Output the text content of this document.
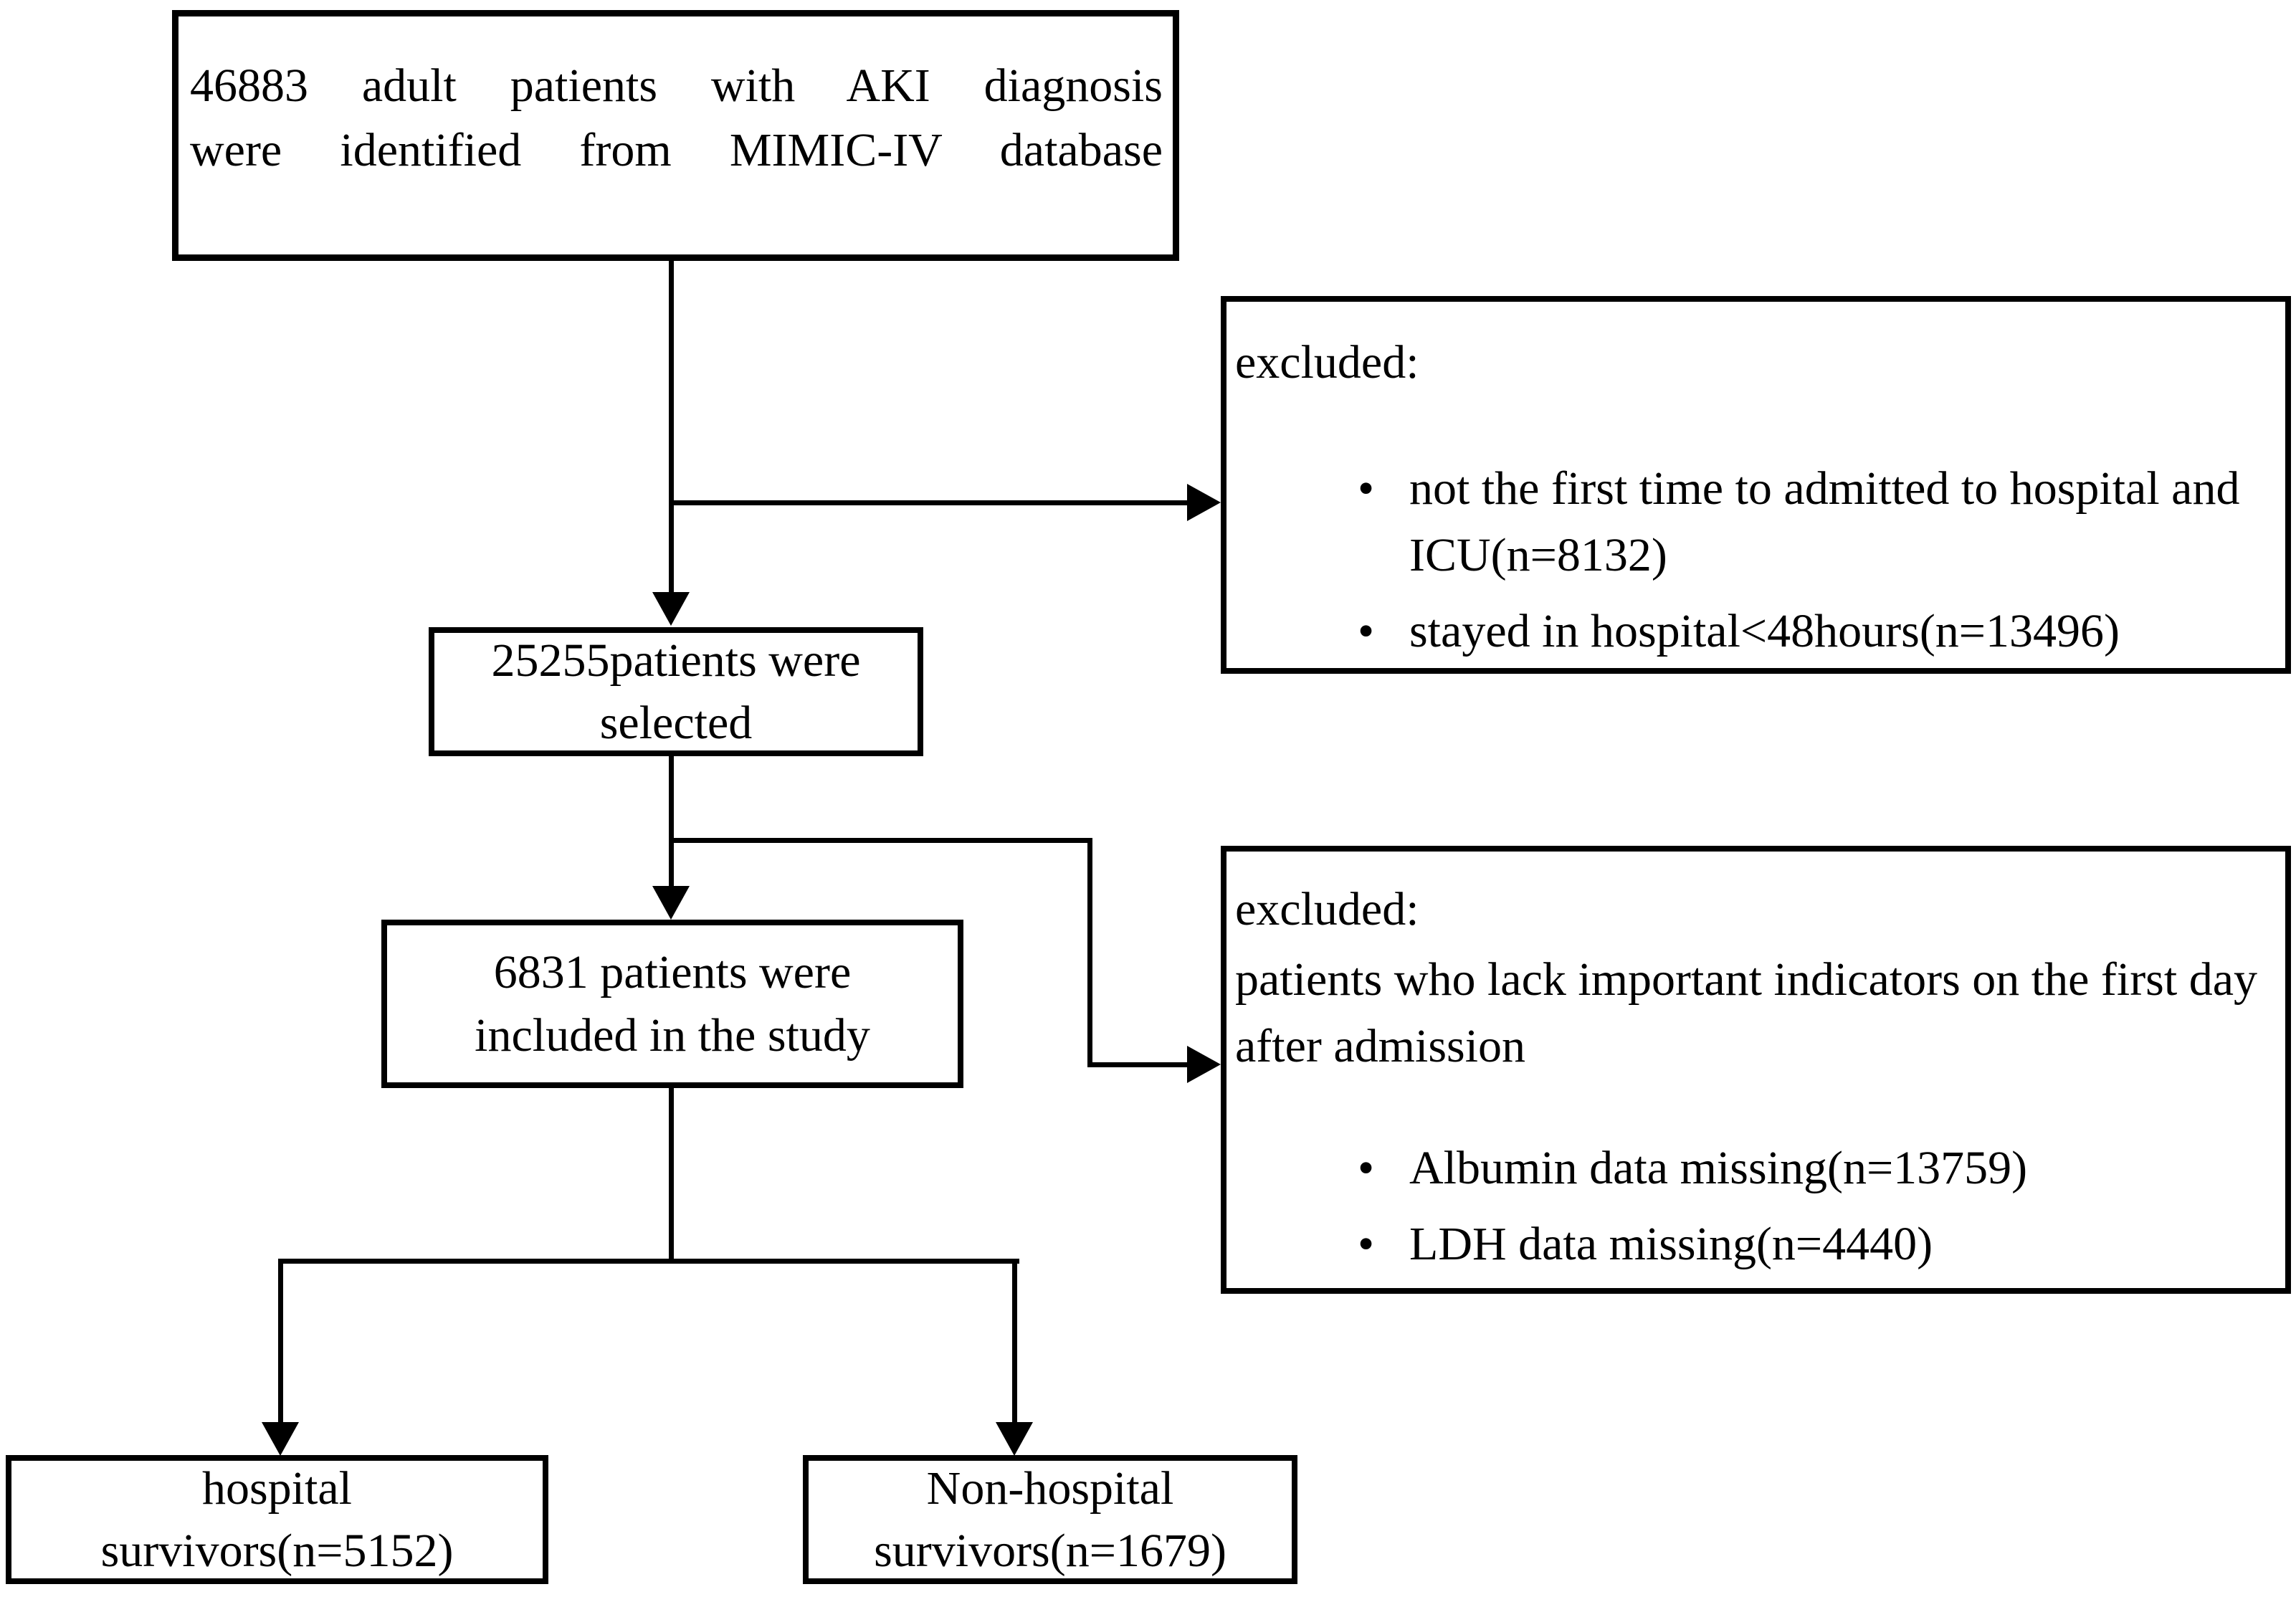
46883 adult patients with AKI diagnosis
were identified from MIMIC-IV database
excluded:
• not the first time to admitted to hospital and ICU(n=8132)
• stayed in hospital<48hours(n=13496)
25255patients were
selected
excluded:
patients who lack important indicators on the first day after admission
• Albumin data missing(n=13759)
• LDH data missing(n=4440)
6831 patients were
included in the study
hospital
survivors(n=5152)
Non-hospital
survivors(n=1679)
